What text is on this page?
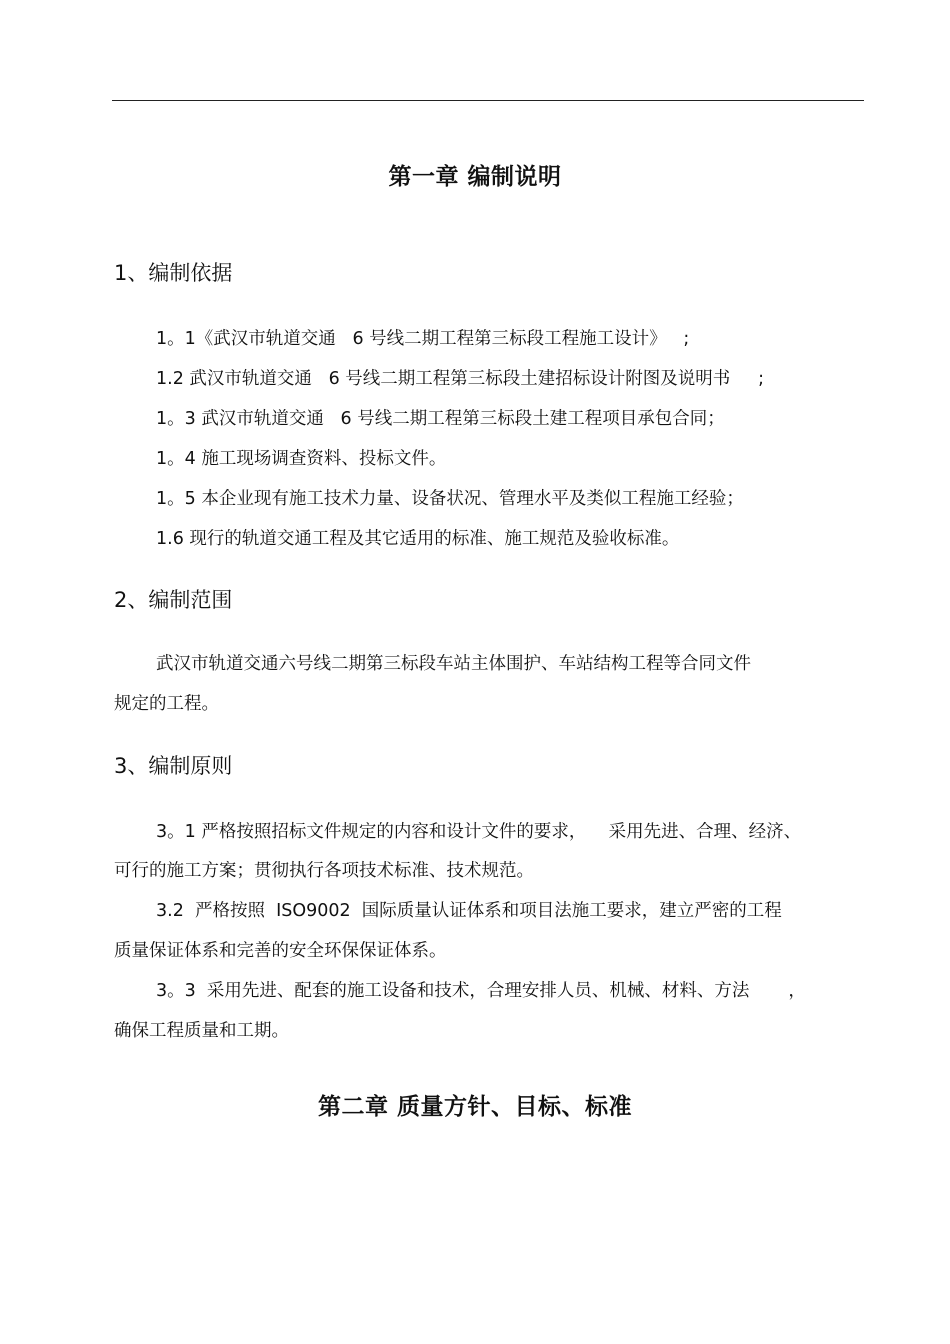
第一章 编制说明
1、编制依据
1。1《武汉市轨道交通   6 号线二期工程第三标段工程施工设计》   ;
1.2 武汉市轨道交通   6 号线二期工程第三标段土建招标设计附图及说明书     ;
1。3 武汉市轨道交通   6 号线二期工程第三标段土建工程项目承包合同；
1。4 施工现场调查资料、投标文件。
1。5 本企业现有施工技术力量、设备状况、管理水平及类似工程施工经验；
1.6 现行的轨道交通工程及其它适用的标准、施工规范及验收标准。
2、编制范围
武汉市轨道交通六号线二期第三标段车站主体围护、车站结构工程等合同文件
规定的工程。
3、编制原则
3。1 严格按照招标文件规定的内容和设计文件的要求，    采用先进、合理、经济、
可行的施工方案；贯彻执行各项技术标准、技术规范。
3.2  严格按照  ISO9002  国际质量认证体系和项目法施工要求，建立严密的工程
质量保证体系和完善的安全环保保证体系。
3。3  采用先进、配套的施工设备和技术，合理安排人员、机械、材料、方法       ，
确保工程质量和工期。
第二章 质量方针、目标、标准
